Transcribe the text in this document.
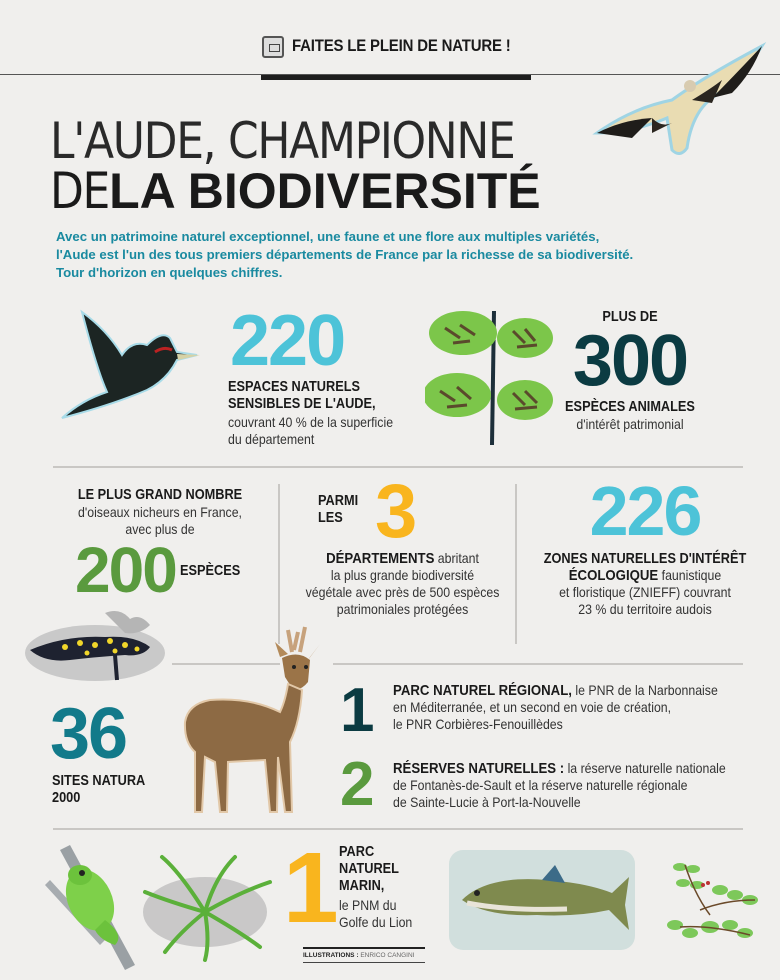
FAITES LE PLEIN DE NATURE !
L'AUDE, CHAMPIONNE
DELA BIODIVERSITÉ
Avec un patrimoine naturel exceptionnel, une faune et une flore aux multiples variétés,
l'Aude est l'un des tous premiers départements de France par la richesse de sa biodiversité.
Tour d'horizon en quelques chiffres.
220
ESPACES NATURELS
SENSIBLES DE L'AUDE,
couvrant 40 % de la superficie
du département
PLUS DE
300
ESPÈCES ANIMALES
d'intérêt patrimonial
LE PLUS GRAND NOMBRE
d'oiseaux nicheurs en France,
avec plus de
200 ESPÈCES
PARMI
LES 3
DÉPARTEMENTS abritant
la plus grande biodiversité
végétale avec près de 500 espèces
patrimoniales protégées
226
ZONES NATURELLES D'INTÉRÊT
ÉCOLOGIQUE faunistique
et floristique (ZNIEFF) couvrant
23 % du territoire audois
36
SITES NATURA
2000
1 PARC NATUREL RÉGIONAL, le PNR de la Narbonnaise
en Méditerranée, et un second en voie de création,
le PNR Corbières-Fenouillèdes
2 RÉSERVES NATURELLES : la réserve naturelle nationale
de Fontanès-de-Sault et la réserve naturelle régionale
de Sainte-Lucie à Port-la-Nouvelle
1 PARC
NATUREL
MARIN,
le PNM du
Golfe du Lion
ILLUSTRATIONS : ENRICO CANGINI
